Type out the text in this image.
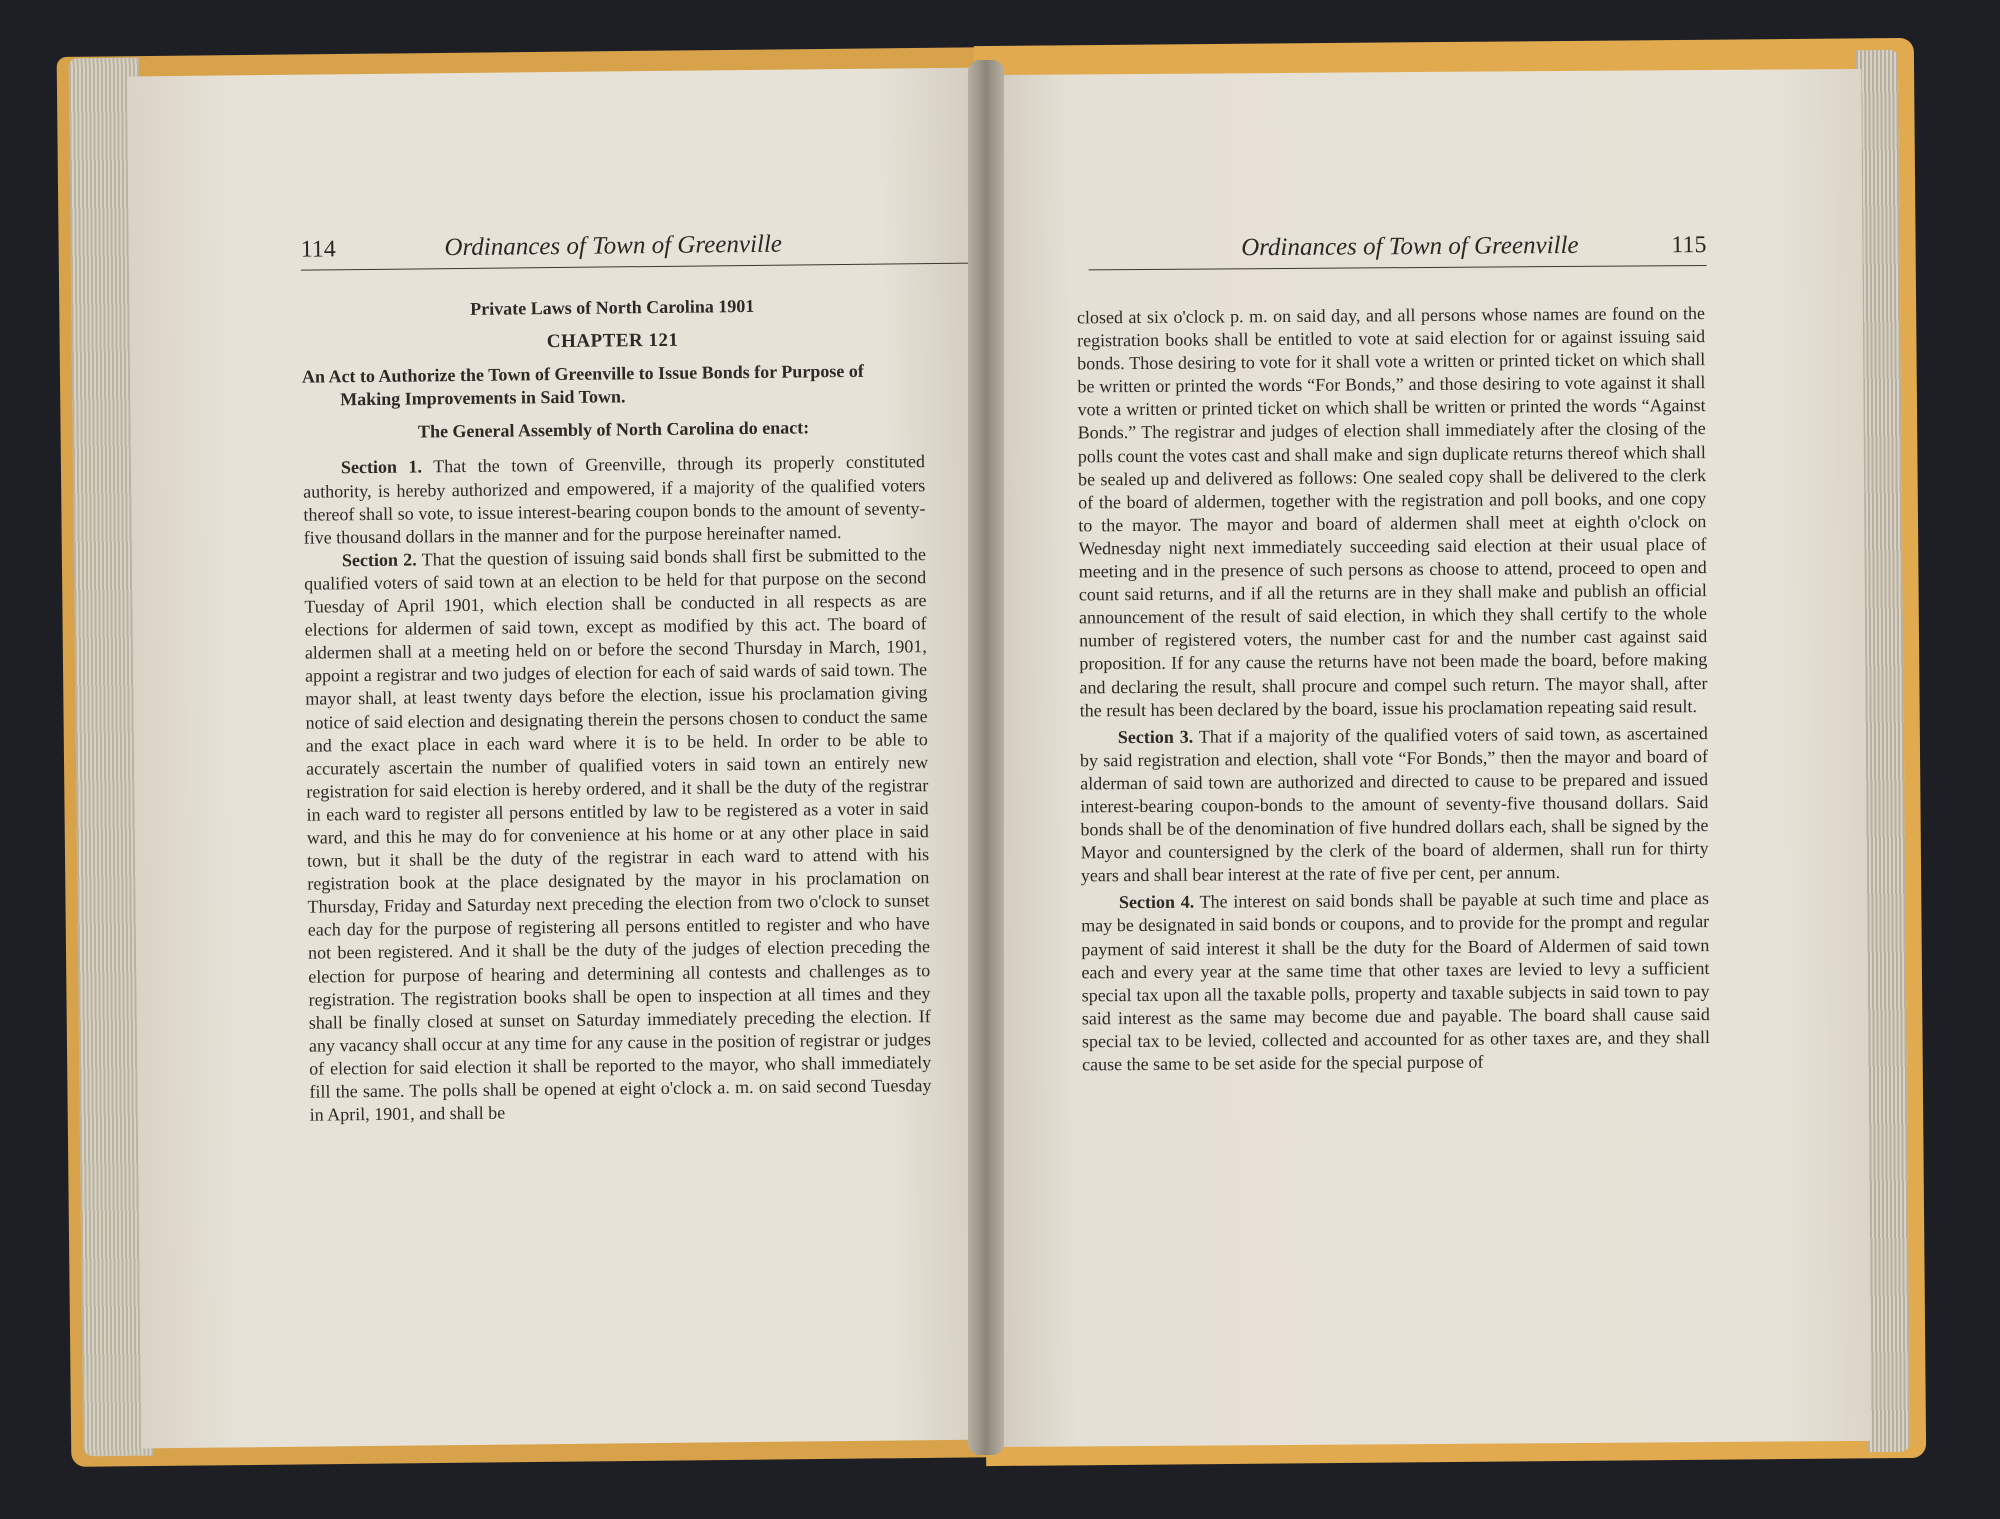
114	Ordinances of Town of Greenville
Private Laws of North Carolina 1901
CHAPTER 121
An Act to Authorize the Town of Greenville to Issue Bonds for Purpose of Making Improvements in Said Town.
The General Assembly of North Carolina do enact:

Section 1. That the town of Greenville, through its properly constituted authority, is hereby authorized and empowered, if a majority of the qualified voters thereof shall so vote, to issue interest-bearing coupon bonds to the amount of seventy-five thousand dollars in the manner and for the purpose hereinafter named.

Section 2. That the question of issuing said bonds shall first be submitted to the qualified voters of said town at an election to be held for that purpose on the second Tuesday of April 1901, which election shall be conducted in all respects as are elections for aldermen of said town, except as modified by this act. The board of aldermen shall at a meeting held on or before the second Thursday in March, 1901, appoint a registrar and two judges of election for each of said wards of said town. The mayor shall, at least twenty days before the election, issue his proclamation giving notice of said election and designating therein the persons chosen to conduct the same and the exact place in each ward where it is to be held. In order to be able to accurately ascertain the number of qualified voters in said town an entirely new registration for said election is hereby ordered, and it shall be the duty of the registrar in each ward to register all persons entitled by law to be registered as a voter in said ward, and this he may do for convenience at his home or at any other place in said town, but it shall be the duty of the registrar in each ward to attend with his registration book at the place designated by the mayor in his proclamation on Thursday, Friday and Saturday next preceding the election from two o'clock to sunset each day for the purpose of registering all persons entitled to register and who have not been registered. And it shall be the duty of the judges of election preceding the election for purpose of hearing and determining all contests and challenges as to registration. The registration books shall be open to inspection at all times and they shall be finally closed at sunset on Saturday immediately preceding the election. If any vacancy shall occur at any time for any cause in the position of registrar or judges of election for said election it shall be reported to the mayor, who shall immediately fill the same. The polls shall be opened at eight o'clock a. m. on said second Tuesday in April, 1901, and shall be

Ordinances of Town of Greenville	115

closed at six o'clock p. m. on said day, and all persons whose names are found on the registration books shall be entitled to vote at said election for or against issuing said bonds. Those desiring to vote for it shall vote a written or printed ticket on which shall be written or printed the words “For Bonds,” and those desiring to vote against it shall vote a written or printed ticket on which shall be written or printed the words “Against Bonds.” The registrar and judges of election shall immediately after the closing of the polls count the votes cast and shall make and sign duplicate returns thereof which shall be sealed up and delivered as follows: One sealed copy shall be delivered to the clerk of the board of aldermen, together with the registration and poll books, and one copy to the mayor. The mayor and board of aldermen shall meet at eighth o'clock on Wednesday night next immediately succeeding said election at their usual place of meeting and in the presence of such persons as choose to attend, proceed to open and count said returns, and if all the returns are in they shall make and publish an official announcement of the result of said election, in which they shall certify to the whole number of registered voters, the number cast for and the number cast against said proposition. If for any cause the returns have not been made the board, before making and declaring the result, shall procure and compel such return. The mayor shall, after the result has been declared by the board, issue his proclamation repeating said result.

Section 3. That if a majority of the qualified voters of said town, as ascertained by said registration and election, shall vote “For Bonds,” then the mayor and board of alderman of said town are authorized and directed to cause to be prepared and issued interest-bearing coupon-bonds to the amount of seventy-five thousand dollars. Said bonds shall be of the denomination of five hundred dollars each, shall be signed by the Mayor and countersigned by the clerk of the board of aldermen, shall run for thirty years and shall bear interest at the rate of five per cent, per annum.

Section 4. The interest on said bonds shall be payable at such time and place as may be designated in said bonds or coupons, and to provide for the prompt and regular payment of said interest it shall be the duty for the Board of Aldermen of said town each and every year at the same time that other taxes are levied to levy a sufficient special tax upon all the taxable polls, property and taxable subjects in said town to pay said interest as the same may become due and payable. The board shall cause said special tax to be levied, collected and accounted for as other taxes are, and they shall cause the same to be set aside for the special purpose of
